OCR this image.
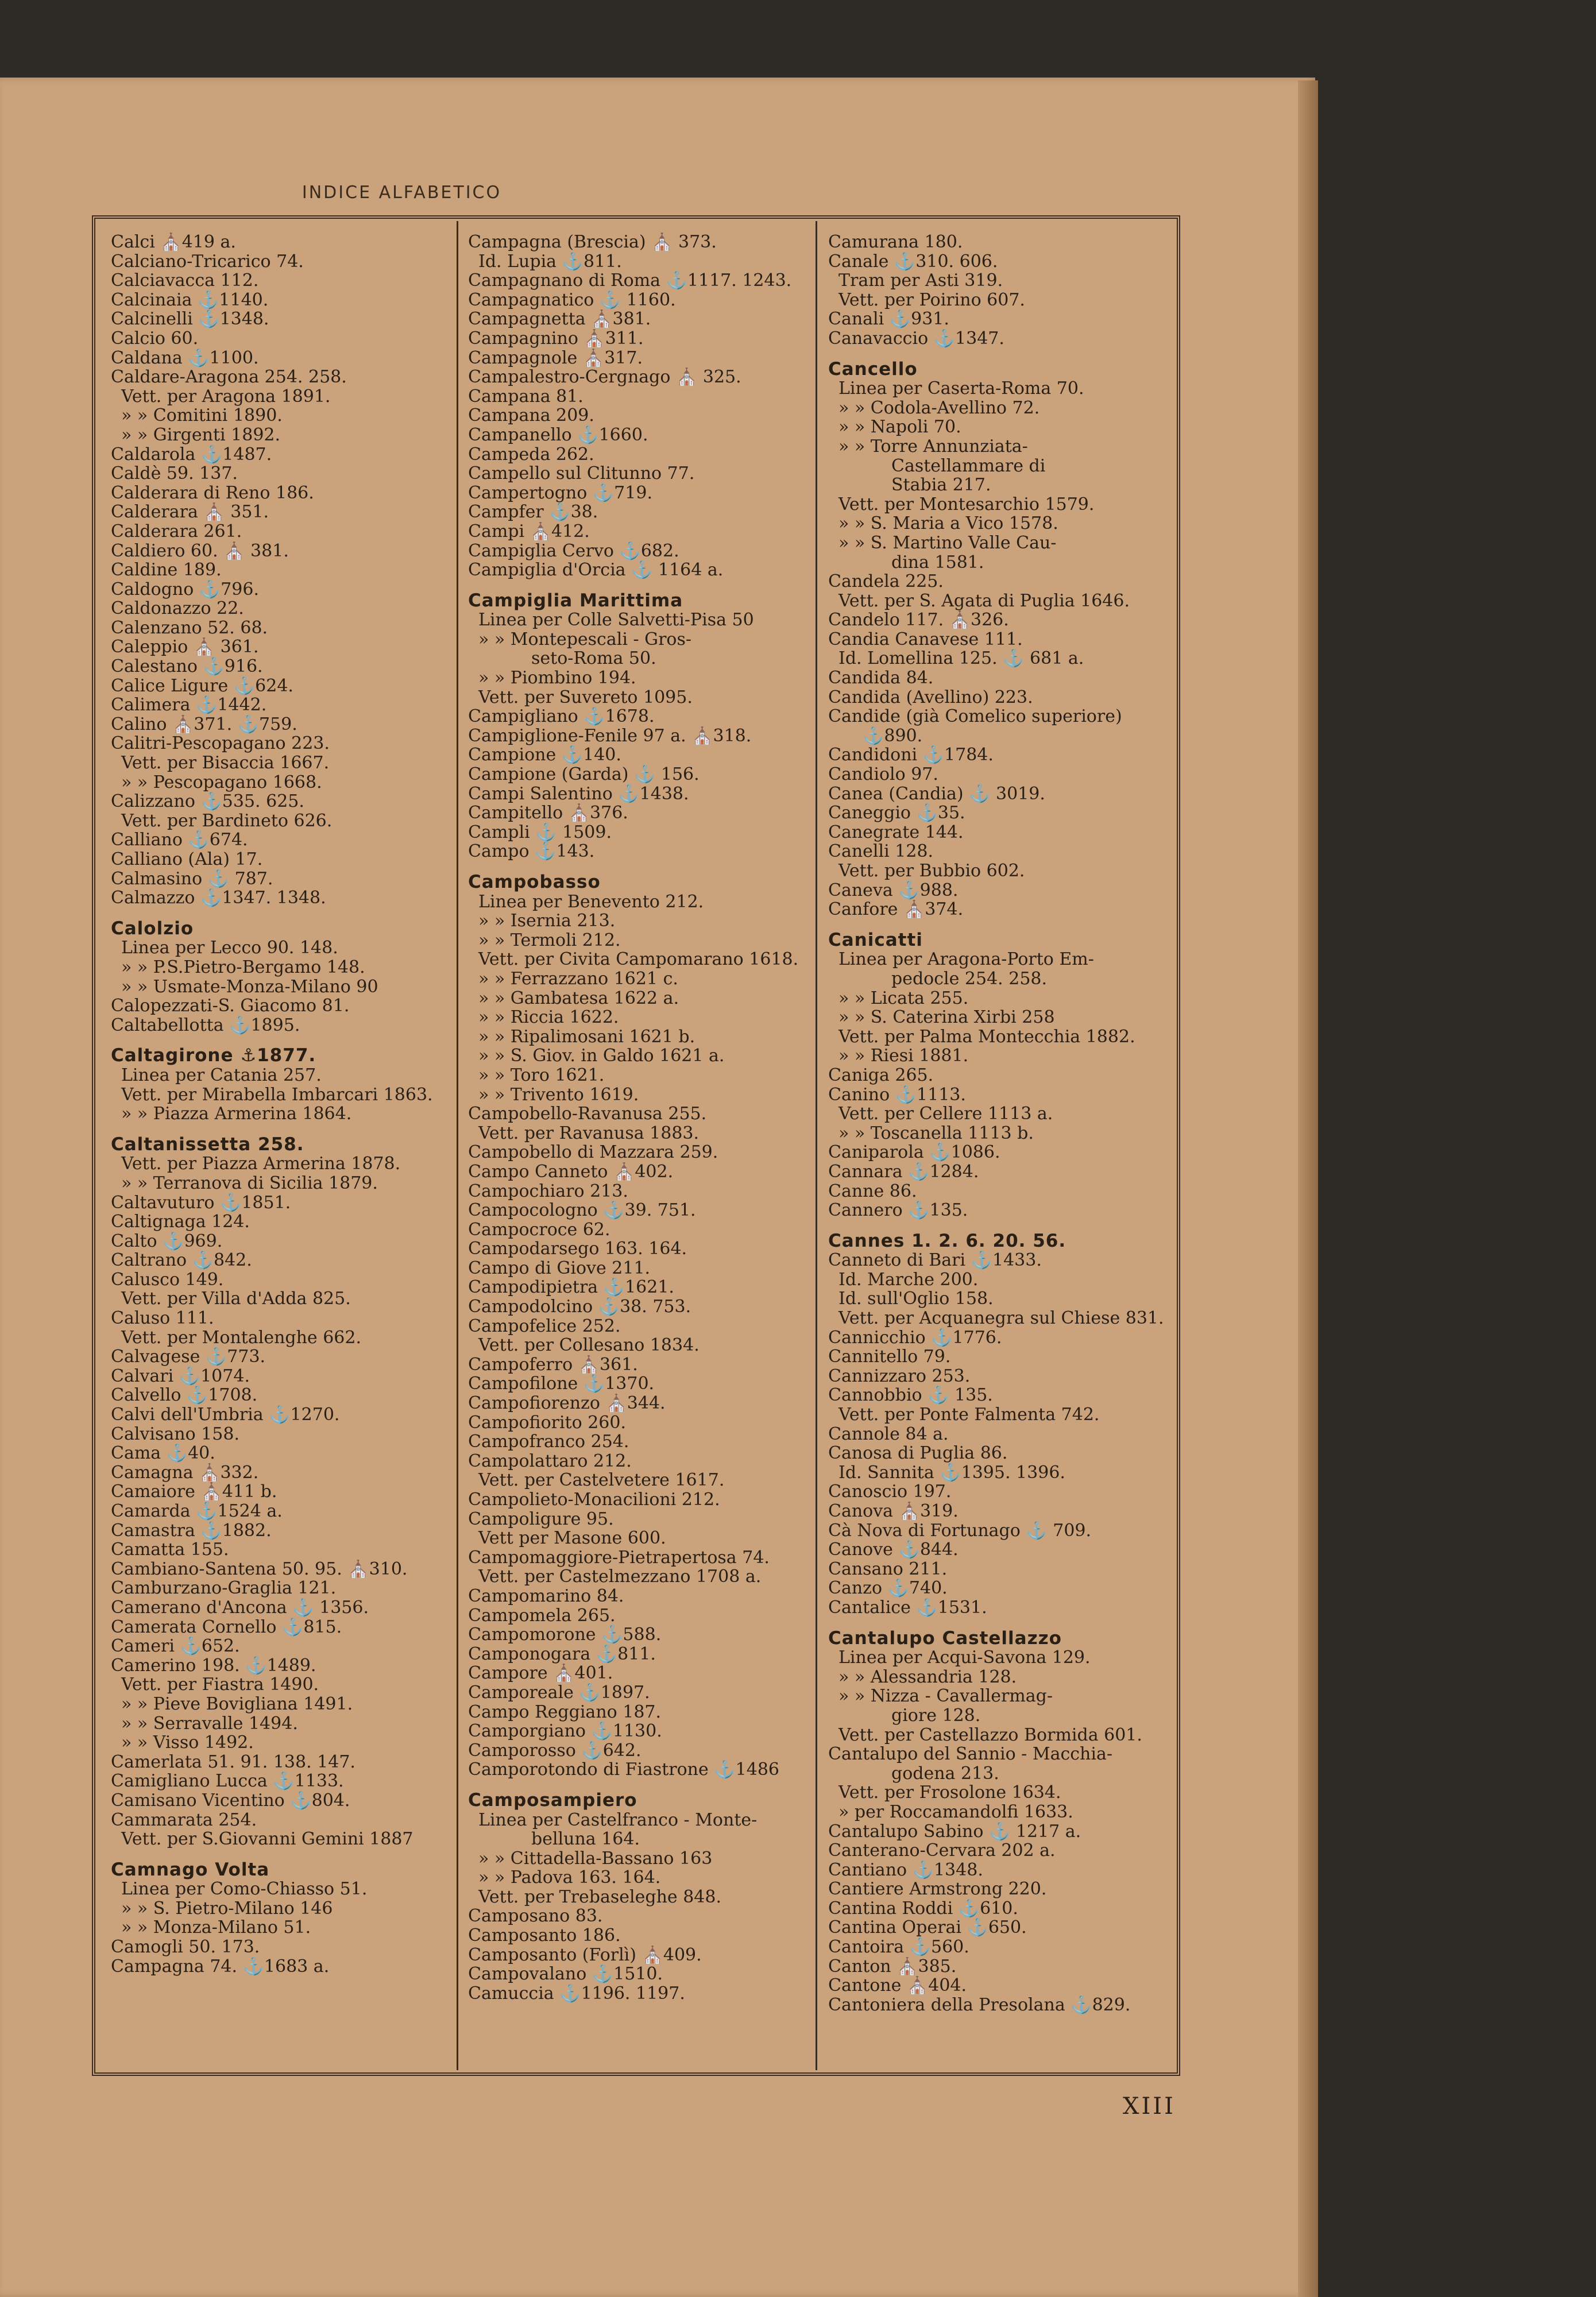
INDICE ALFABETICO
Calci ⛪419 a.
Calciano-Tricarico 74.
Calciavacca 112.
Calcinaia ⚓1140.
Calcinelli ⚓1348.
Calcio 60.
Caldana ⚓1100.
Caldare-Aragona 254. 258.
Vett. per Aragona 1891.
» » Comitini 1890.
» » Girgenti 1892.
Caldarola ⚓1487.
Caldè 59. 137.
Calderara di Reno 186.
Calderara ⛪ 351.
Calderara 261.
Caldiero 60. ⛪ 381.
Caldine 189.
Caldogno ⚓796.
Caldonazzo 22.
Calenzano 52. 68.
Caleppio ⛪ 361.
Calestano ⚓916.
Calice Ligure ⚓624.
Calimera ⚓1442.
Calino ⛪371. ⚓759.
Calitri-Pescopagano 223.
Vett. per Bisaccia 1667.
» » Pescopagano 1668.
Calizzano ⚓535. 625.
Vett. per Bardineto 626.
Calliano ⚓674.
Calliano (Ala) 17.
Calmasino ⚓ 787.
Calmazzo ⚓1347. 1348.
Calolzio
Linea per Lecco 90. 148.
» » P.S.Pietro-Bergamo 148.
» » Usmate-Monza-Milano 90
Calopezzati-S. Giacomo 81.
Caltabellotta ⚓1895.
Caltagirone ⚓1877.
Linea per Catania 257.
Vett. per Mirabella Imbarcari 1863.
» » Piazza Armerina 1864.
Caltanissetta 258.
Vett. per Piazza Armerina 1878.
» » Terranova di Sicilia 1879.
Caltavuturo ⚓1851.
Caltignaga 124.
Calto ⚓969.
Caltrano ⚓842.
Calusco 149.
Vett. per Villa d'Adda 825.
Caluso 111.
Vett. per Montalenghe 662.
Calvagese ⚓773.
Calvari ⚓1074.
Calvello ⚓1708.
Calvi dell'Umbria ⚓1270.
Calvisano 158.
Cama ⚓40.
Camagna ⛪332.
Camaiore ⛪411 b.
Camarda ⚓1524 a.
Camastra ⚓1882.
Camatta 155.
Cambiano-Santena 50. 95. ⛪310.
Camburzano-Graglia 121.
Camerano d'Ancona ⚓ 1356.
Camerata Cornello ⚓815.
Cameri ⚓652.
Camerino 198. ⚓1489.
Vett. per Fiastra 1490.
» » Pieve Bovigliana 1491.
» » Serravalle 1494.
» » Visso 1492.
Camerlata 51. 91. 138. 147.
Camigliano Lucca ⚓1133.
Camisano Vicentino ⚓804.
Cammarata 254.
Vett. per S.Giovanni Gemini 1887
Camnago Volta
Linea per Como-Chiasso 51.
» » S. Pietro-Milano 146
» » Monza-Milano 51.
Camogli 50. 173.
Campagna 74. ⚓1683 a.
Campagna (Brescia) ⛪ 373.
Id. Lupia ⚓811.
Campagnano di Roma ⚓1117. 1243.
Campagnatico ⚓ 1160.
Campagnetta ⛪381.
Campagnino ⛪311.
Campagnole ⛪317.
Campalestro-Cergnago ⛪ 325.
Campana 81.
Campana 209.
Campanello ⚓1660.
Campeda 262.
Campello sul Clitunno 77.
Campertogno ⚓719.
Campfer ⚓38.
Campi ⛪412.
Campiglia Cervo ⚓682.
Campiglia d'Orcia ⚓ 1164 a.
Campiglia Marittima
Linea per Colle Salvetti-Pisa 50
» » Montepescali - Gros-
seto-Roma 50.
» » Piombino 194.
Vett. per Suvereto 1095.
Campigliano ⚓1678.
Campiglione-Fenile 97 a. ⛪318.
Campione ⚓140.
Campione (Garda) ⚓ 156.
Campi Salentino ⚓1438.
Campitello ⛪376.
Campli ⚓ 1509.
Campo ⚓143.
Campobasso
Linea per Benevento 212.
» » Isernia 213.
» » Termoli 212.
Vett. per Civita Campomarano 1618.
» » Ferrazzano 1621 c.
» » Gambatesa 1622 a.
» » Riccia 1622.
» » Ripalimosani 1621 b.
» » S. Giov. in Galdo 1621 a.
» » Toro 1621.
» » Trivento 1619.
Campobello-Ravanusa 255.
Vett. per Ravanusa 1883.
Campobello di Mazzara 259.
Campo Canneto ⛪402.
Campochiaro 213.
Campocologno ⚓39. 751.
Campocroce 62.
Campodarsego 163. 164.
Campo di Giove 211.
Campodipietra ⚓1621.
Campodolcino ⚓38. 753.
Campofelice 252.
Vett. per Collesano 1834.
Campoferro ⛪361.
Campofilone ⚓1370.
Campofiorenzo ⛪344.
Campofiorito 260.
Campofranco 254.
Campolattaro 212.
Vett. per Castelvetere 1617.
Campolieto-Monacilioni 212.
Campoligure 95.
Vett per Masone 600.
Campomaggiore-Pietrapertosa 74.
Vett. per Castelmezzano 1708 a.
Campomarino 84.
Campomela 265.
Campomorone ⚓588.
Camponogara ⚓811.
Campore ⛪401.
Camporeale ⚓1897.
Campo Reggiano 187.
Camporgiano ⚓1130.
Camporosso ⚓642.
Camporotondo di Fiastrone ⚓1486
Camposampiero
Linea per Castelfranco - Monte-
belluna 164.
» » Cittadella-Bassano 163
» » Padova 163. 164.
Vett. per Trebaseleghe 848.
Camposano 83.
Camposanto 186.
Camposanto (Forlì) ⛪409.
Campovalano ⚓1510.
Camuccia ⚓1196. 1197.
Camurana 180.
Canale ⚓310. 606.
Tram per Asti 319.
Vett. per Poirino 607.
Canali ⚓931.
Canavaccio ⚓1347.
Cancello
Linea per Caserta-Roma 70.
» » Codola-Avellino 72.
» » Napoli 70.
» » Torre Annunziata-
Castellammare di
Stabia 217.
Vett. per Montesarchio 1579.
» » S. Maria a Vico 1578.
» » S. Martino Valle Cau-
dina 1581.
Candela 225.
Vett. per S. Agata di Puglia 1646.
Candelo 117. ⛪326.
Candia Canavese 111.
Id. Lomellina 125. ⚓ 681 a.
Candida 84.
Candida (Avellino) 223.
Candide (già Comelico superiore)
⚓890.
Candidoni ⚓1784.
Candiolo 97.
Canea (Candia) ⚓ 3019.
Caneggio ⚓35.
Canegrate 144.
Canelli 128.
Vett. per Bubbio 602.
Caneva ⚓988.
Canfore ⛪374.
Canicatti
Linea per Aragona-Porto Em-
pedocle 254. 258.
» » Licata 255.
» » S. Caterina Xirbi 258
Vett. per Palma Montecchia 1882.
» » Riesi 1881.
Caniga 265.
Canino ⚓1113.
Vett. per Cellere 1113 a.
» » Toscanella 1113 b.
Caniparola ⚓1086.
Cannara ⚓1284.
Canne 86.
Cannero ⚓135.
Cannes 1. 2. 6. 20. 56.
Canneto di Bari ⚓1433.
Id. Marche 200.
Id. sull'Oglio 158.
Vett. per Acquanegra sul Chiese 831.
Cannicchio ⚓1776.
Cannitello 79.
Cannizzaro 253.
Cannobbio ⚓ 135.
Vett. per Ponte Falmenta 742.
Cannole 84 a.
Canosa di Puglia 86.
Id. Sannita ⚓1395. 1396.
Canoscio 197.
Canova ⛪319.
Cà Nova di Fortunago ⚓ 709.
Canove ⚓844.
Cansano 211.
Canzo ⚓740.
Cantalice ⚓1531.
Cantalupo Castellazzo
Linea per Acqui-Savona 129.
» » Alessandria 128.
» » Nizza - Cavallermag-
giore 128.
Vett. per Castellazzo Bormida 601.
Cantalupo del Sannio - Macchia-
godena 213.
Vett. per Frosolone 1634.
» per Roccamandolfi 1633.
Cantalupo Sabino ⚓ 1217 a.
Canterano-Cervara 202 a.
Cantiano ⚓1348.
Cantiere Armstrong 220.
Cantina Roddi ⚓610.
Cantina Operai ⚓650.
Cantoira ⚓560.
Canton ⛪385.
Cantone ⛪404.
Cantoniera della Presolana ⚓829.
XIII
